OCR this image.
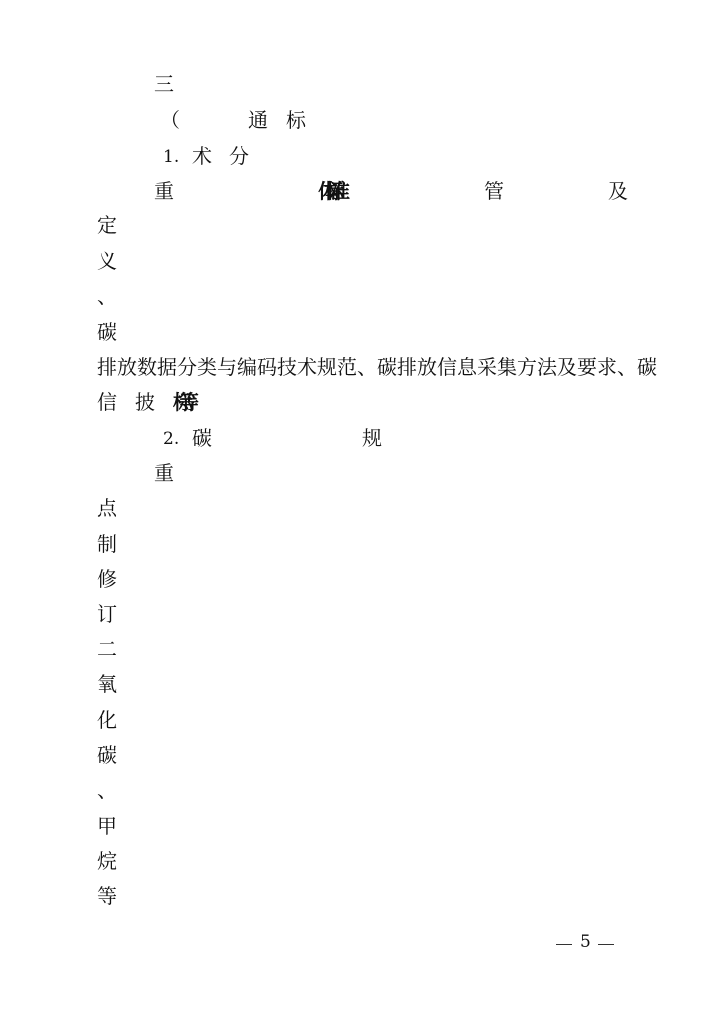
三
（	通 标
1. 术 分
重	体标准	管	及
定
义
、
碳
排放数据分类与编码技术规范、碳排放信息采集方法及要求、碳
信 披 标等
2. 碳	规
重
点
制
修
订
二
氧
化
碳
、
甲
烷
等
5
